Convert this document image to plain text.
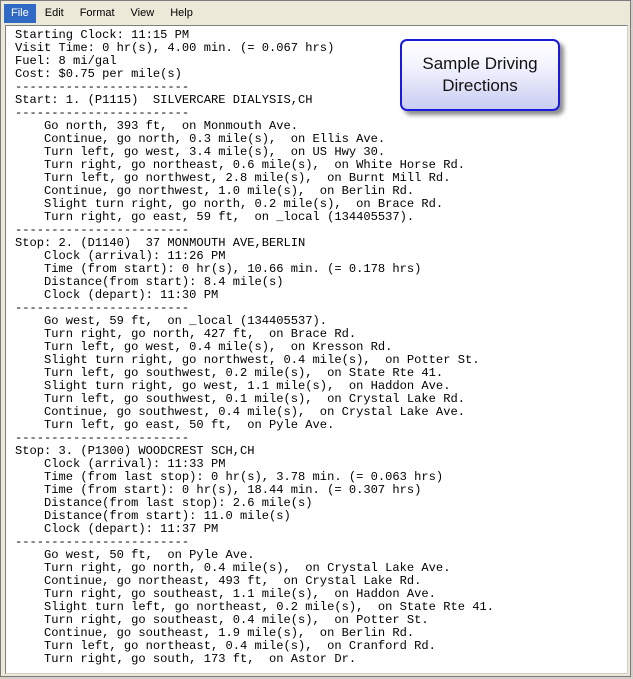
File	Edit	Format	View	Help
Starting Clock: 11:15 PM
Visit Time: 0 hr(s), 4.00 min. (= 0.067 hrs)
Fuel: 8 mi/gal
Cost: $0.75 per mile(s)
------------------------
Start: 1. (P1115)  SILVERCARE DIALYSIS,CH
------------------------
Go north, 393 ft,  on Monmouth Ave.
Continue, go north, 0.3 mile(s),  on Ellis Ave.
Turn left, go west, 3.4 mile(s),  on US Hwy 30.
Turn right, go northeast, 0.6 mile(s),  on White Horse Rd.
Turn left, go northwest, 2.8 mile(s),  on Burnt Mill Rd.
Continue, go northwest, 1.0 mile(s),  on Berlin Rd.
Slight turn right, go north, 0.2 mile(s),  on Brace Rd.
Turn right, go east, 59 ft,  on _local (134405537).
------------------------
Stop: 2. (D1140)  37 MONMOUTH AVE,BERLIN
Clock (arrival): 11:26 PM
Time (from start): 0 hr(s), 10.66 min. (= 0.178 hrs)
Distance(from start): 8.4 mile(s)
Clock (depart): 11:30 PM
------------------------
Go west, 59 ft,  on _local (134405537).
Turn right, go north, 427 ft,  on Brace Rd.
Turn left, go west, 0.4 mile(s),  on Kresson Rd.
Slight turn right, go northwest, 0.4 mile(s),  on Potter St.
Turn left, go southwest, 0.2 mile(s),  on State Rte 41.
Slight turn right, go west, 1.1 mile(s),  on Haddon Ave.
Turn left, go southwest, 0.1 mile(s),  on Crystal Lake Rd.
Continue, go southwest, 0.4 mile(s),  on Crystal Lake Ave.
Turn left, go east, 50 ft,  on Pyle Ave.
------------------------
Stop: 3. (P1300) WOODCREST SCH,CH
Clock (arrival): 11:33 PM
Time (from last stop): 0 hr(s), 3.78 min. (= 0.063 hrs)
Time (from start): 0 hr(s), 18.44 min. (= 0.307 hrs)
Distance(from last stop): 2.6 mile(s)
Distance(from start): 11.0 mile(s)
Clock (depart): 11:37 PM
------------------------
Go west, 50 ft,  on Pyle Ave.
Turn right, go north, 0.4 mile(s),  on Crystal Lake Ave.
Continue, go northeast, 493 ft,  on Crystal Lake Rd.
Turn right, go southeast, 1.1 mile(s),  on Haddon Ave.
Slight turn left, go northeast, 0.2 mile(s),  on State Rte 41.
Turn right, go southeast, 0.4 mile(s),  on Potter St.
Continue, go southeast, 1.9 mile(s),  on Berlin Rd.
Turn left, go northeast, 0.4 mile(s),  on Cranford Rd.
Turn right, go south, 173 ft,  on Astor Dr.

Sample Driving
Directions
